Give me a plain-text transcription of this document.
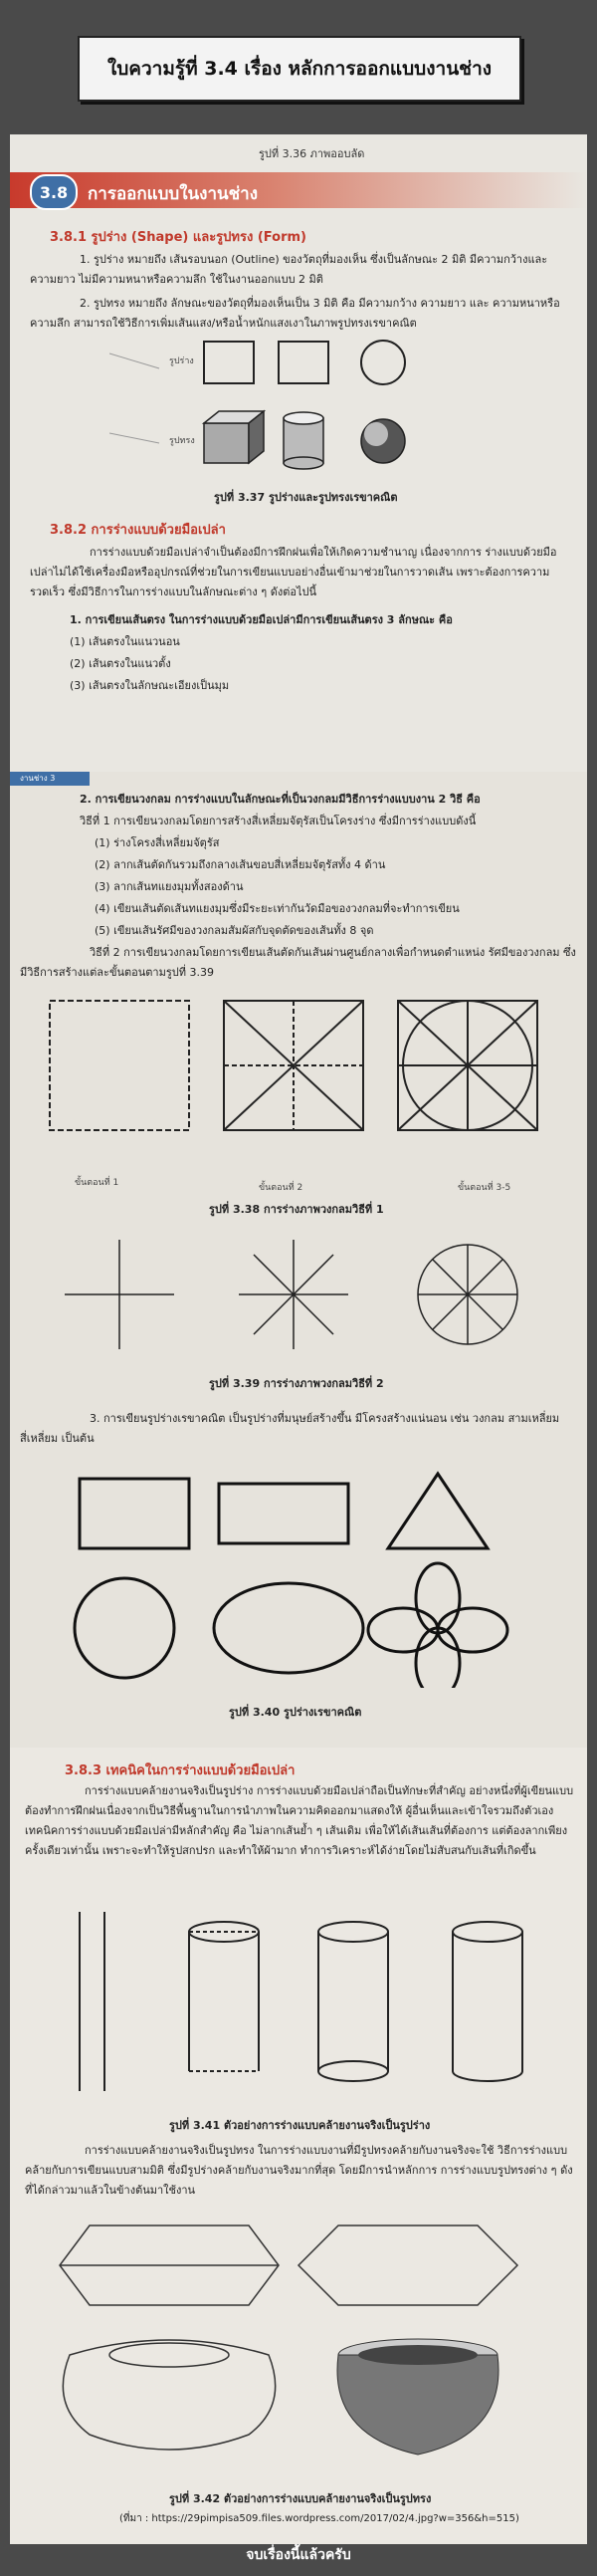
ใบความรู้ที่ 3.4 เรื่อง หลักการออกแบบงานช่าง
รูปที่ 3.36 ภาพออบลัด
3.8	การออกแบบในงานช่าง
3.8.1 รูปร่าง (Shape) และรูปทรง (Form)
1. รูปร่าง หมายถึง เส้นรอบนอก (Outline) ของวัตถุที่มองเห็น ซึ่งเป็นลักษณะ 2 มิติ มีความกว้างและความยาว ไม่มีความหนาหรือความลึก ใช้ในงานออกแบบ 2 มิติ
2. รูปทรง หมายถึง ลักษณะของวัตถุที่มองเห็นเป็น 3 มิติ คือ มีความกว้าง ความยาว และ ความหนาหรือความลึก สามารถใช้วิธีการเพิ่มเส้นแสง/หรือน้ำหนักแสงเงาในภาพรูปทรงเรขาคณิต
รูปร่าง
รูปทรง
รูปที่ 3.37 รูปร่างและรูปทรงเรขาคณิต
3.8.2 การร่างแบบด้วยมือเปล่า
การร่างแบบด้วยมือเปล่าจำเป็นต้องมีการฝึกฝนเพื่อให้เกิดความชำนาญ เนื่องจากการ ร่างแบบด้วยมือเปล่าไม่ได้ใช้เครื่องมือหรืออุปกรณ์ที่ช่วยในการเขียนแบบอย่างอื่นเข้ามาช่วยในการวาดเส้น เพราะต้องการความรวดเร็ว ซึ่งมีวิธีการในการร่างแบบในลักษณะต่าง ๆ ดังต่อไปนี้
1. การเขียนเส้นตรง ในการร่างแบบด้วยมือเปล่ามีการเขียนเส้นตรง 3 ลักษณะ คือ
(1) เส้นตรงในแนวนอน
(2) เส้นตรงในแนวตั้ง
(3) เส้นตรงในลักษณะเอียงเป็นมุม
งานช่าง 3
2. การเขียนวงกลม การร่างแบบในลักษณะที่เป็นวงกลมมีวิธีการร่างแบบงาน 2 วิธี คือ
วิธีที่ 1 การเขียนวงกลมโดยการสร้างสี่เหลี่ยมจัตุรัสเป็นโครงร่าง ซึ่งมีการร่างแบบดังนี้
(1) ร่างโครงสี่เหลี่ยมจัตุรัส
(2) ลากเส้นตัดกันรวมถึงกลางเส้นขอบสี่เหลี่ยมจัตุรัสทั้ง 4 ด้าน
(3) ลากเส้นทแยงมุมทั้งสองด้าน
(4) เขียนเส้นตัดเส้นทแยงมุมซึ่งมีระยะเท่ากันวัดมือของวงกลมที่จะทำการเขียน
(5) เขียนเส้นรัศมีของวงกลมสัมผัสกับจุดตัดของเส้นทั้ง 8 จุด
วิธีที่ 2 การเขียนวงกลมโดยการเขียนเส้นตัดกันเส้นผ่านศูนย์กลางเพื่อกำหนดตำแหน่ง รัศมีของวงกลม ซึ่งมีวิธีการสร้างแต่ละขั้นตอนตามรูปที่ 3.39
ขั้นตอนที่ 1	ขั้นตอนที่ 2	ขั้นตอนที่ 3-5
รูปที่ 3.38 การร่างภาพวงกลมวิธีที่ 1
รูปที่ 3.39 การร่างภาพวงกลมวิธีที่ 2
3. การเขียนรูปร่างเรขาคณิต เป็นรูปร่างที่มนุษย์สร้างขึ้น มีโครงสร้างแน่นอน เช่น วงกลม สามเหลี่ยม สี่เหลี่ยม เป็นต้น
รูปที่ 3.40 รูปร่างเรขาคณิต
3.8.3 เทคนิคในการร่างแบบด้วยมือเปล่า
การร่างแบบคล้ายงานจริงเป็นรูปร่าง การร่างแบบด้วยมือเปล่าถือเป็นทักษะที่สำคัญ อย่างหนึ่งที่ผู้เขียนแบบต้องทำการฝึกฝนเนื่องจากเป็นวิธีพื้นฐานในการนำภาพในความคิดออกมาแสดงให้ ผู้อื่นเห็นและเข้าใจรวมถึงตัวเอง เทคนิคการร่างแบบด้วยมือเปล่ามีหลักสำคัญ คือ ไม่ลากเส้นย้ำ ๆ เส้นเดิม เพื่อให้ได้เส้นเส้นที่ต้องการ แต่ต้องลากเพียงครั้งเดียวเท่านั้น เพราะจะทำให้รูปสกปรก และทำให้ผ้ามาก ทำการวิเคราะห์ได้ง่ายโดยไม่สับสนกับเส้นที่เกิดขึ้น
รูปที่ 3.41 ตัวอย่างการร่างแบบคล้ายงานจริงเป็นรูปร่าง
การร่างแบบคล้ายงานจริงเป็นรูปทรง ในการร่างแบบงานที่มีรูปทรงคล้ายกับงานจริงจะใช้ วิธีการร่างแบบคล้ายกับการเขียนแบบสามมิติ ซึ่งมีรูปร่างคล้ายกับงานจริงมากที่สุด โดยมีการนำหลักการ การร่างแบบรูปทรงต่าง ๆ ดังที่ได้กล่าวมาแล้วในข้างต้นมาใช้งาน
รูปที่ 3.42 ตัวอย่างการร่างแบบคล้ายงานจริงเป็นรูปทรง
(ที่มา : https://29pimpisa509.files.wordpress.com/2017/02/4.jpg?w=356&h=515)
จบเรื่องนี้แล้วครับ
